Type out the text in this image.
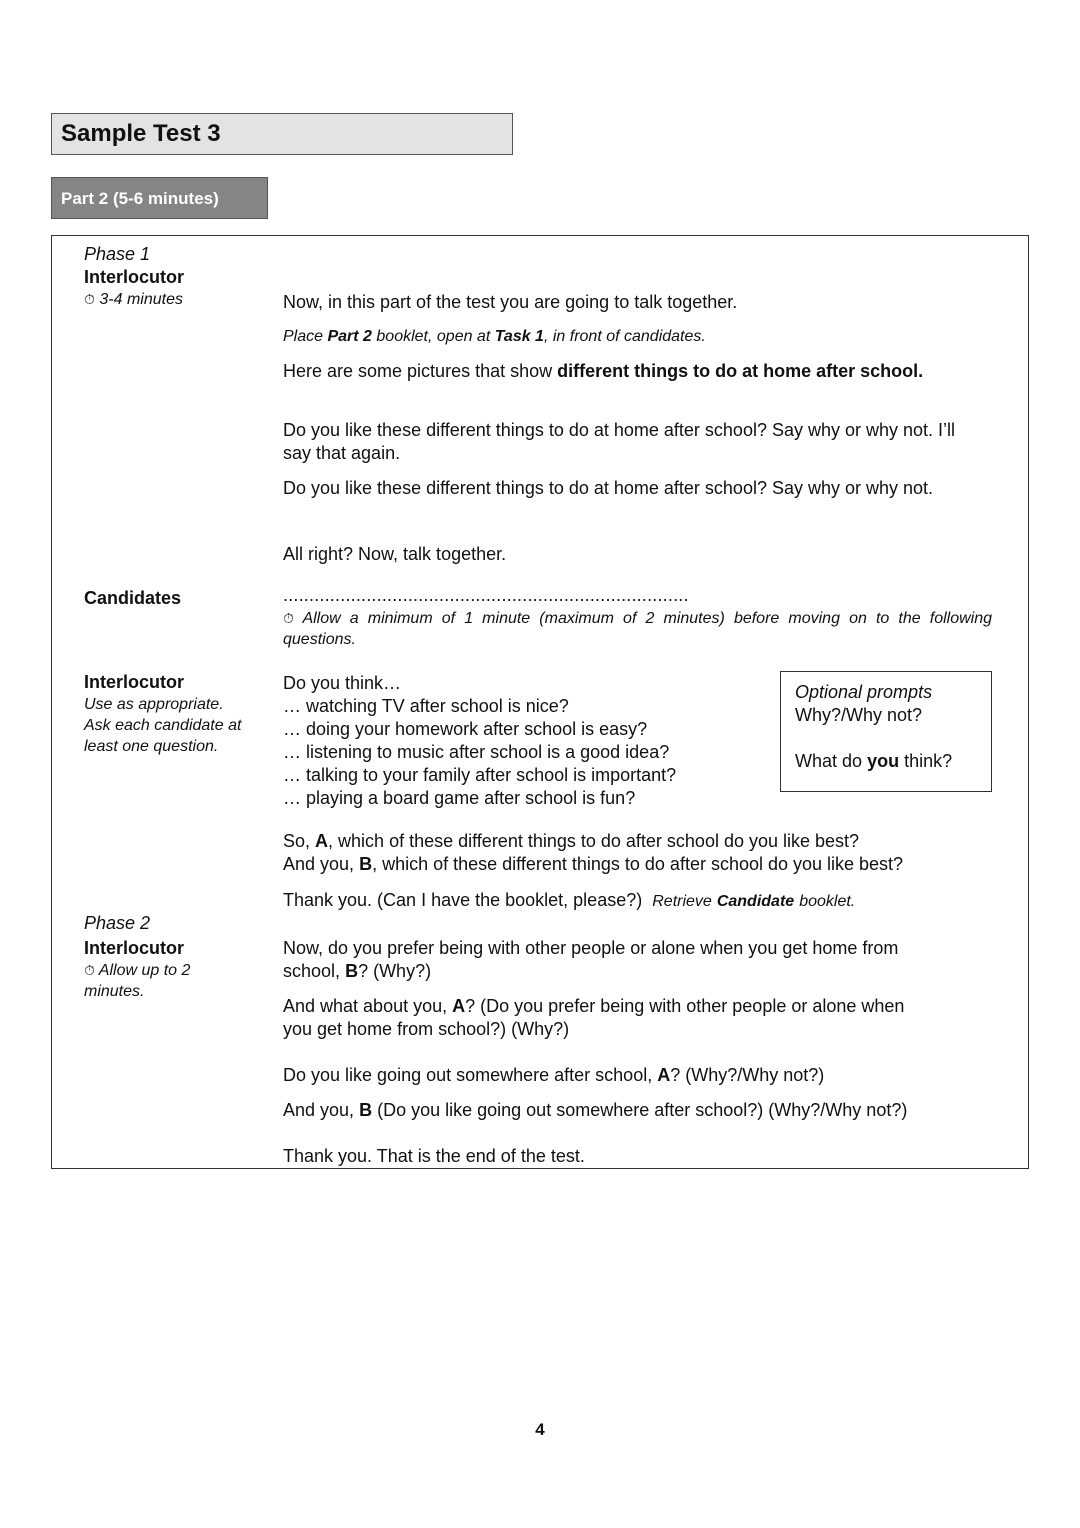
Sample Test 3
Part 2 (5-6 minutes)
Phase 1
Interlocutor
⏱ 3-4 minutes	Now, in this part of the test you are going to talk together.
Place Part 2 booklet, open at Task 1, in front of candidates.
Here are some pictures that show different things to do at home after school.
Do you like these different things to do at home after school? Say why or why not. I’ll say that again.
Do you like these different things to do at home after school? Say why or why not.
All right? Now, talk together.
Candidates	..............................................................................
⏱ Allow a minimum of 1 minute (maximum of 2 minutes) before moving on to the following questions.
Interlocutor
Use as appropriate.
Ask each candidate at
least one question.
Do you think…
… watching TV after school is nice?
… doing your homework after school is easy?
… listening to music after school is a good idea?
… talking to your family after school is important?
… playing a board game after school is fun?
Optional prompts
Why?/Why not?
What do you think?
So, A, which of these different things to do after school do you like best?
And you, B, which of these different things to do after school do you like best?
Thank you. (Can I have the booklet, please?) Retrieve Candidate booklet.
Phase 2
Interlocutor
⏱ Allow up to 2
minutes.
Now, do you prefer being with other people or alone when you get home from
school, B? (Why?)
And what about you, A? (Do you prefer being with other people or alone when
you get home from school?) (Why?)
Do you like going out somewhere after school, A? (Why?/Why not?)
And you, B (Do you like going out somewhere after school?) (Why?/Why not?)
Thank you. That is the end of the test.
4
